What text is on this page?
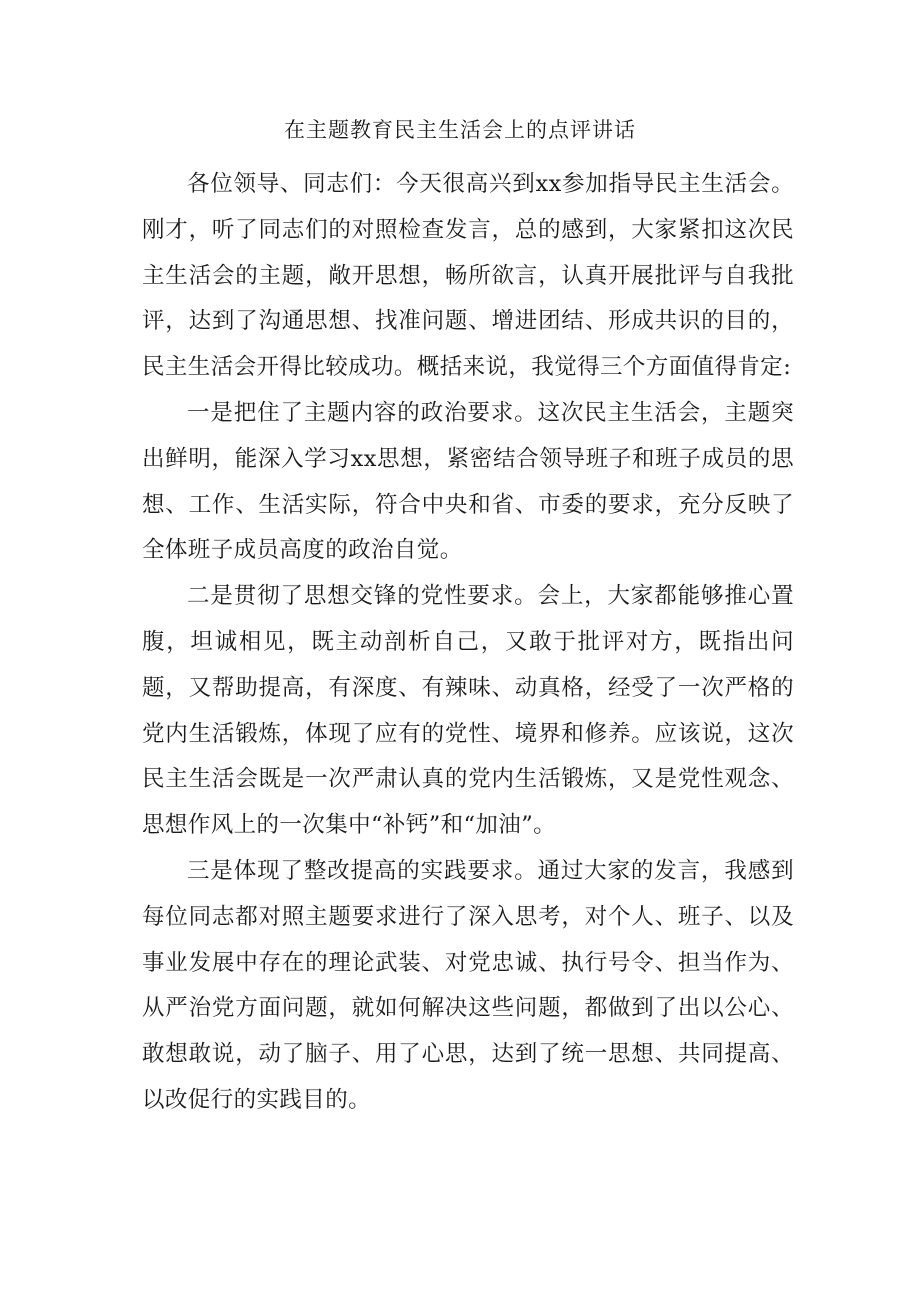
在主题教育民主生活会上的点评讲话

各位领导、同志们：今天很高兴到xx参加指导民主生活会。刚才，听了同志们的对照检查发言，总的感到，大家紧扣这次民主生活会的主题，敞开思想，畅所欲言，认真开展批评与自我批评，达到了沟通思想、找准问题、增进团结、形成共识的目的，民主生活会开得比较成功。概括来说，我觉得三个方面值得肯定:

一是把住了主题内容的政治要求。这次民主生活会，主题突出鲜明，能深入学习xx思想，紧密结合领导班子和班子成员的思想、工作、生活实际，符合中央和省、市委的要求，充分反映了全体班子成员高度的政治自觉。

二是贯彻了思想交锋的党性要求。会上，大家都能够推心置腹，坦诚相见，既主动剖析自己，又敢于批评对方，既指出问题，又帮助提高，有深度、有辣味、动真格，经受了一次严格的党内生活锻炼，体现了应有的党性、境界和修养。应该说，这次民主生活会既是一次严肃认真的党内生活锻炼，又是党性观念、思想作风上的一次集中“补钙”和“加油”。

三是体现了整改提高的实践要求。通过大家的发言，我感到每位同志都对照主题要求进行了深入思考，对个人、班子、以及事业发展中存在的理论武装、对党忠诚、执行号令、担当作为、从严治党方面问题，就如何解决这些问题，都做到了出以公心、敢想敢说，动了脑子、用了心思，达到了统一思想、共同提高、以改促行的实践目的。
